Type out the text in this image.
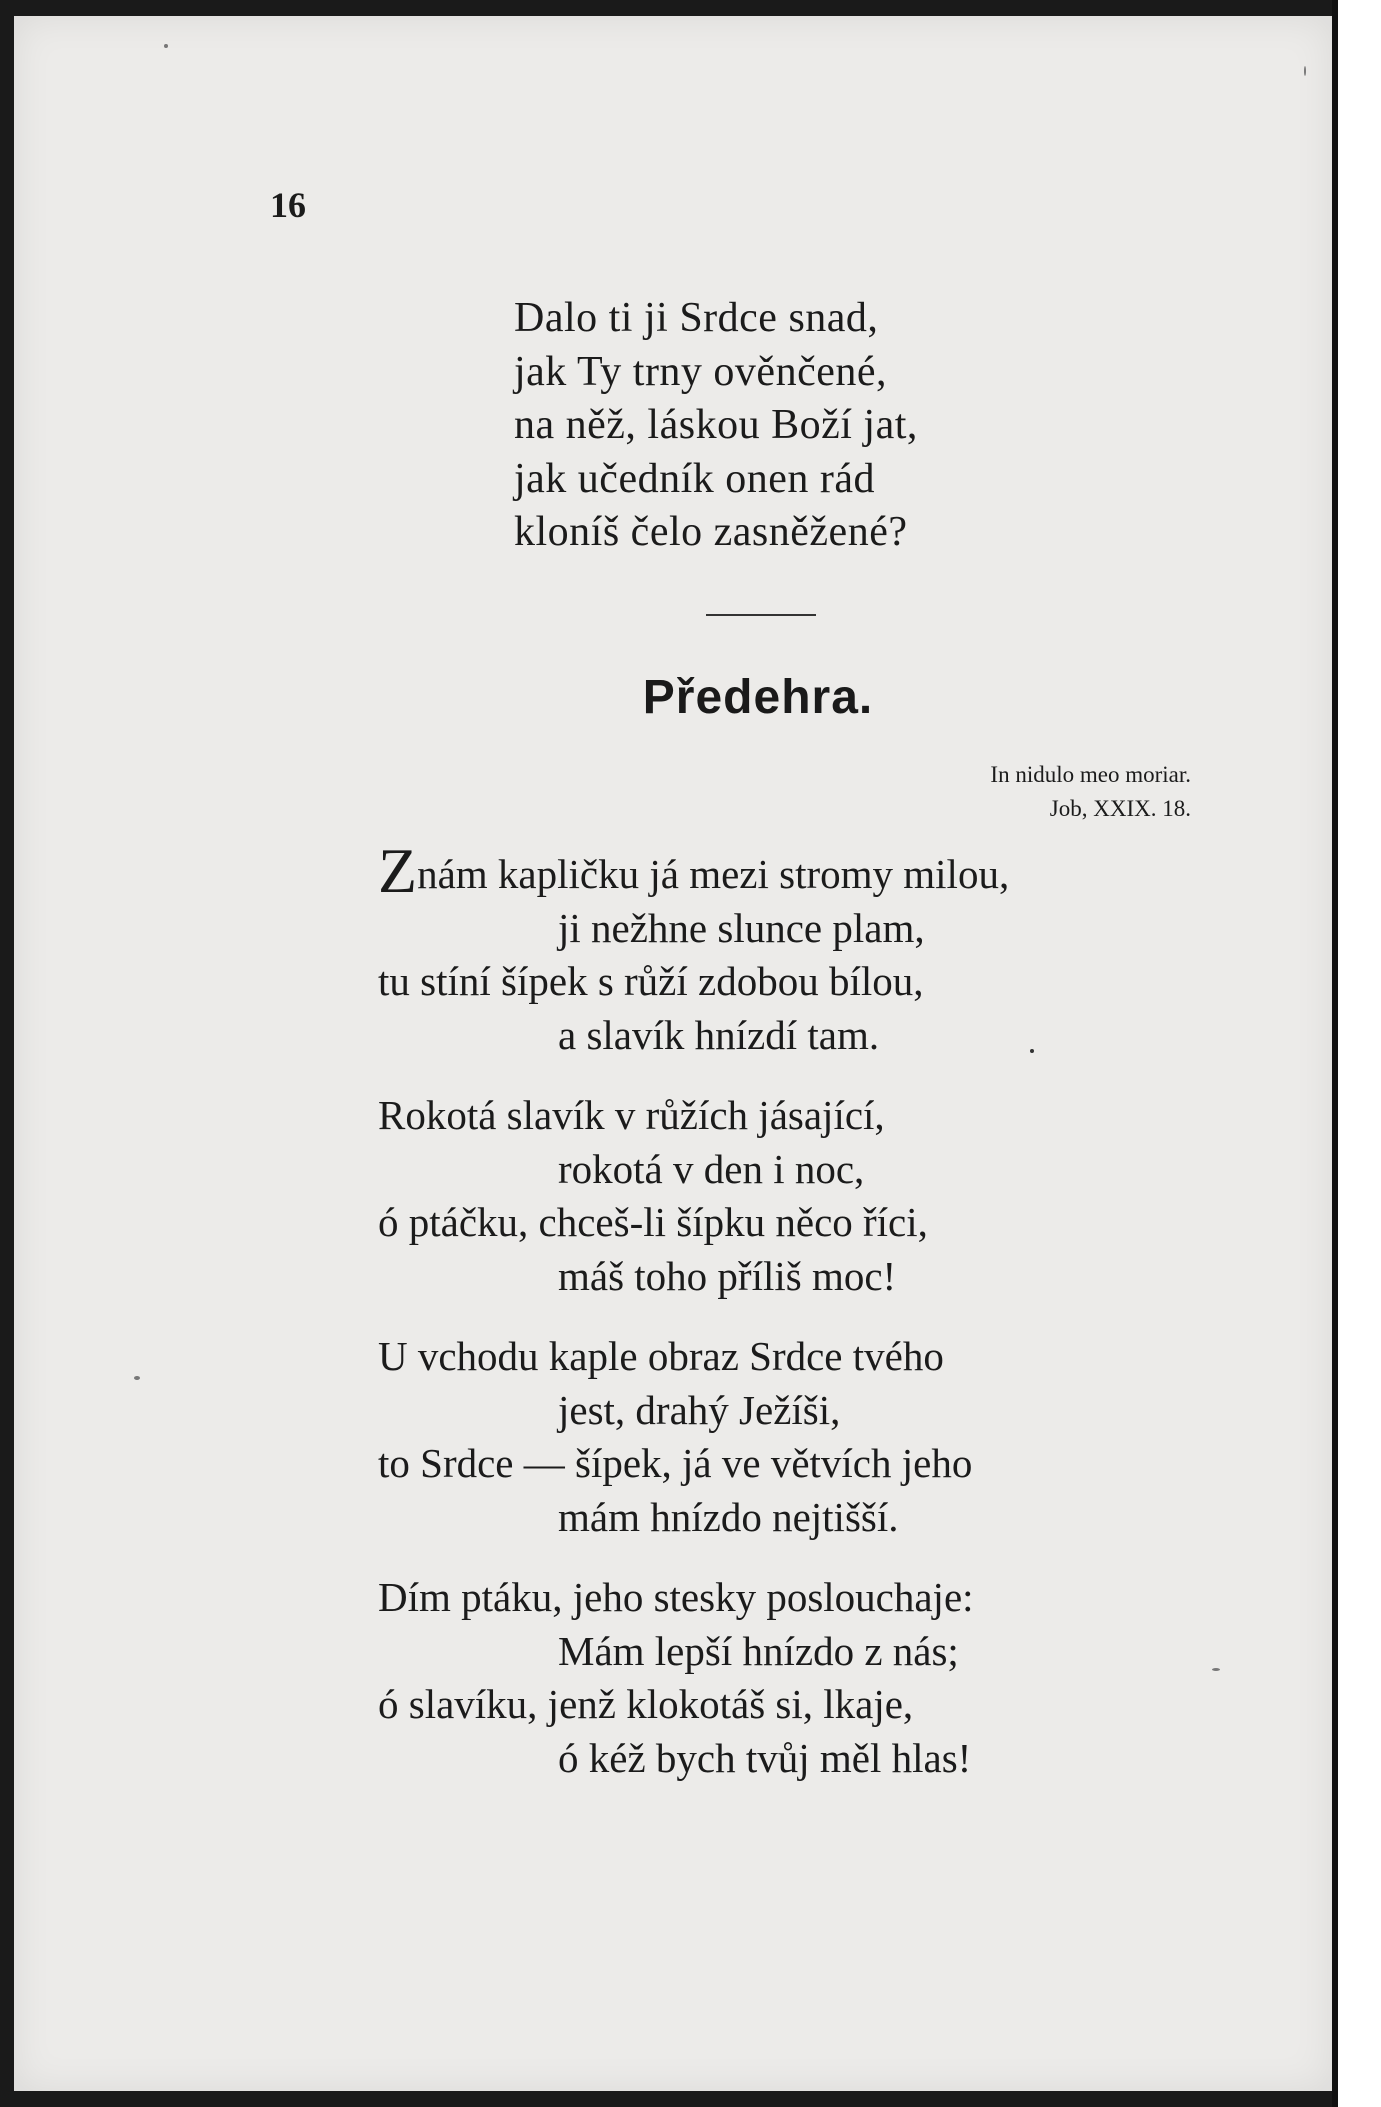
16
Dalo ti ji Srdce snad,
jak Ty trny ověnčené,
na něž, láskou Boží jat,
jak učedník onen rád
kloníš čelo zasněžené?
Předehra.
In nidulo meo moriar.
Job, XXIX. 18.
Znám kapličku já mezi stromy milou,
ji nežhne slunce plam,
tu stíní šípek s růží zdobou bílou,
a slavík hnízdí tam.
Rokotá slavík v růžích jásající,
rokotá v den i noc,
ó ptáčku, chceš-li šípku něco říci,
máš toho příliš moc!
U vchodu kaple obraz Srdce tvého
jest, drahý Ježíši,
to Srdce — šípek, já ve větvích jeho
mám hnízdo nejtišší.
Dím ptáku, jeho stesky poslouchaje:
Mám lepší hnízdo z nás;
ó slavíku, jenž klokotáš si, lkaje,
ó kéž bych tvůj měl hlas!
